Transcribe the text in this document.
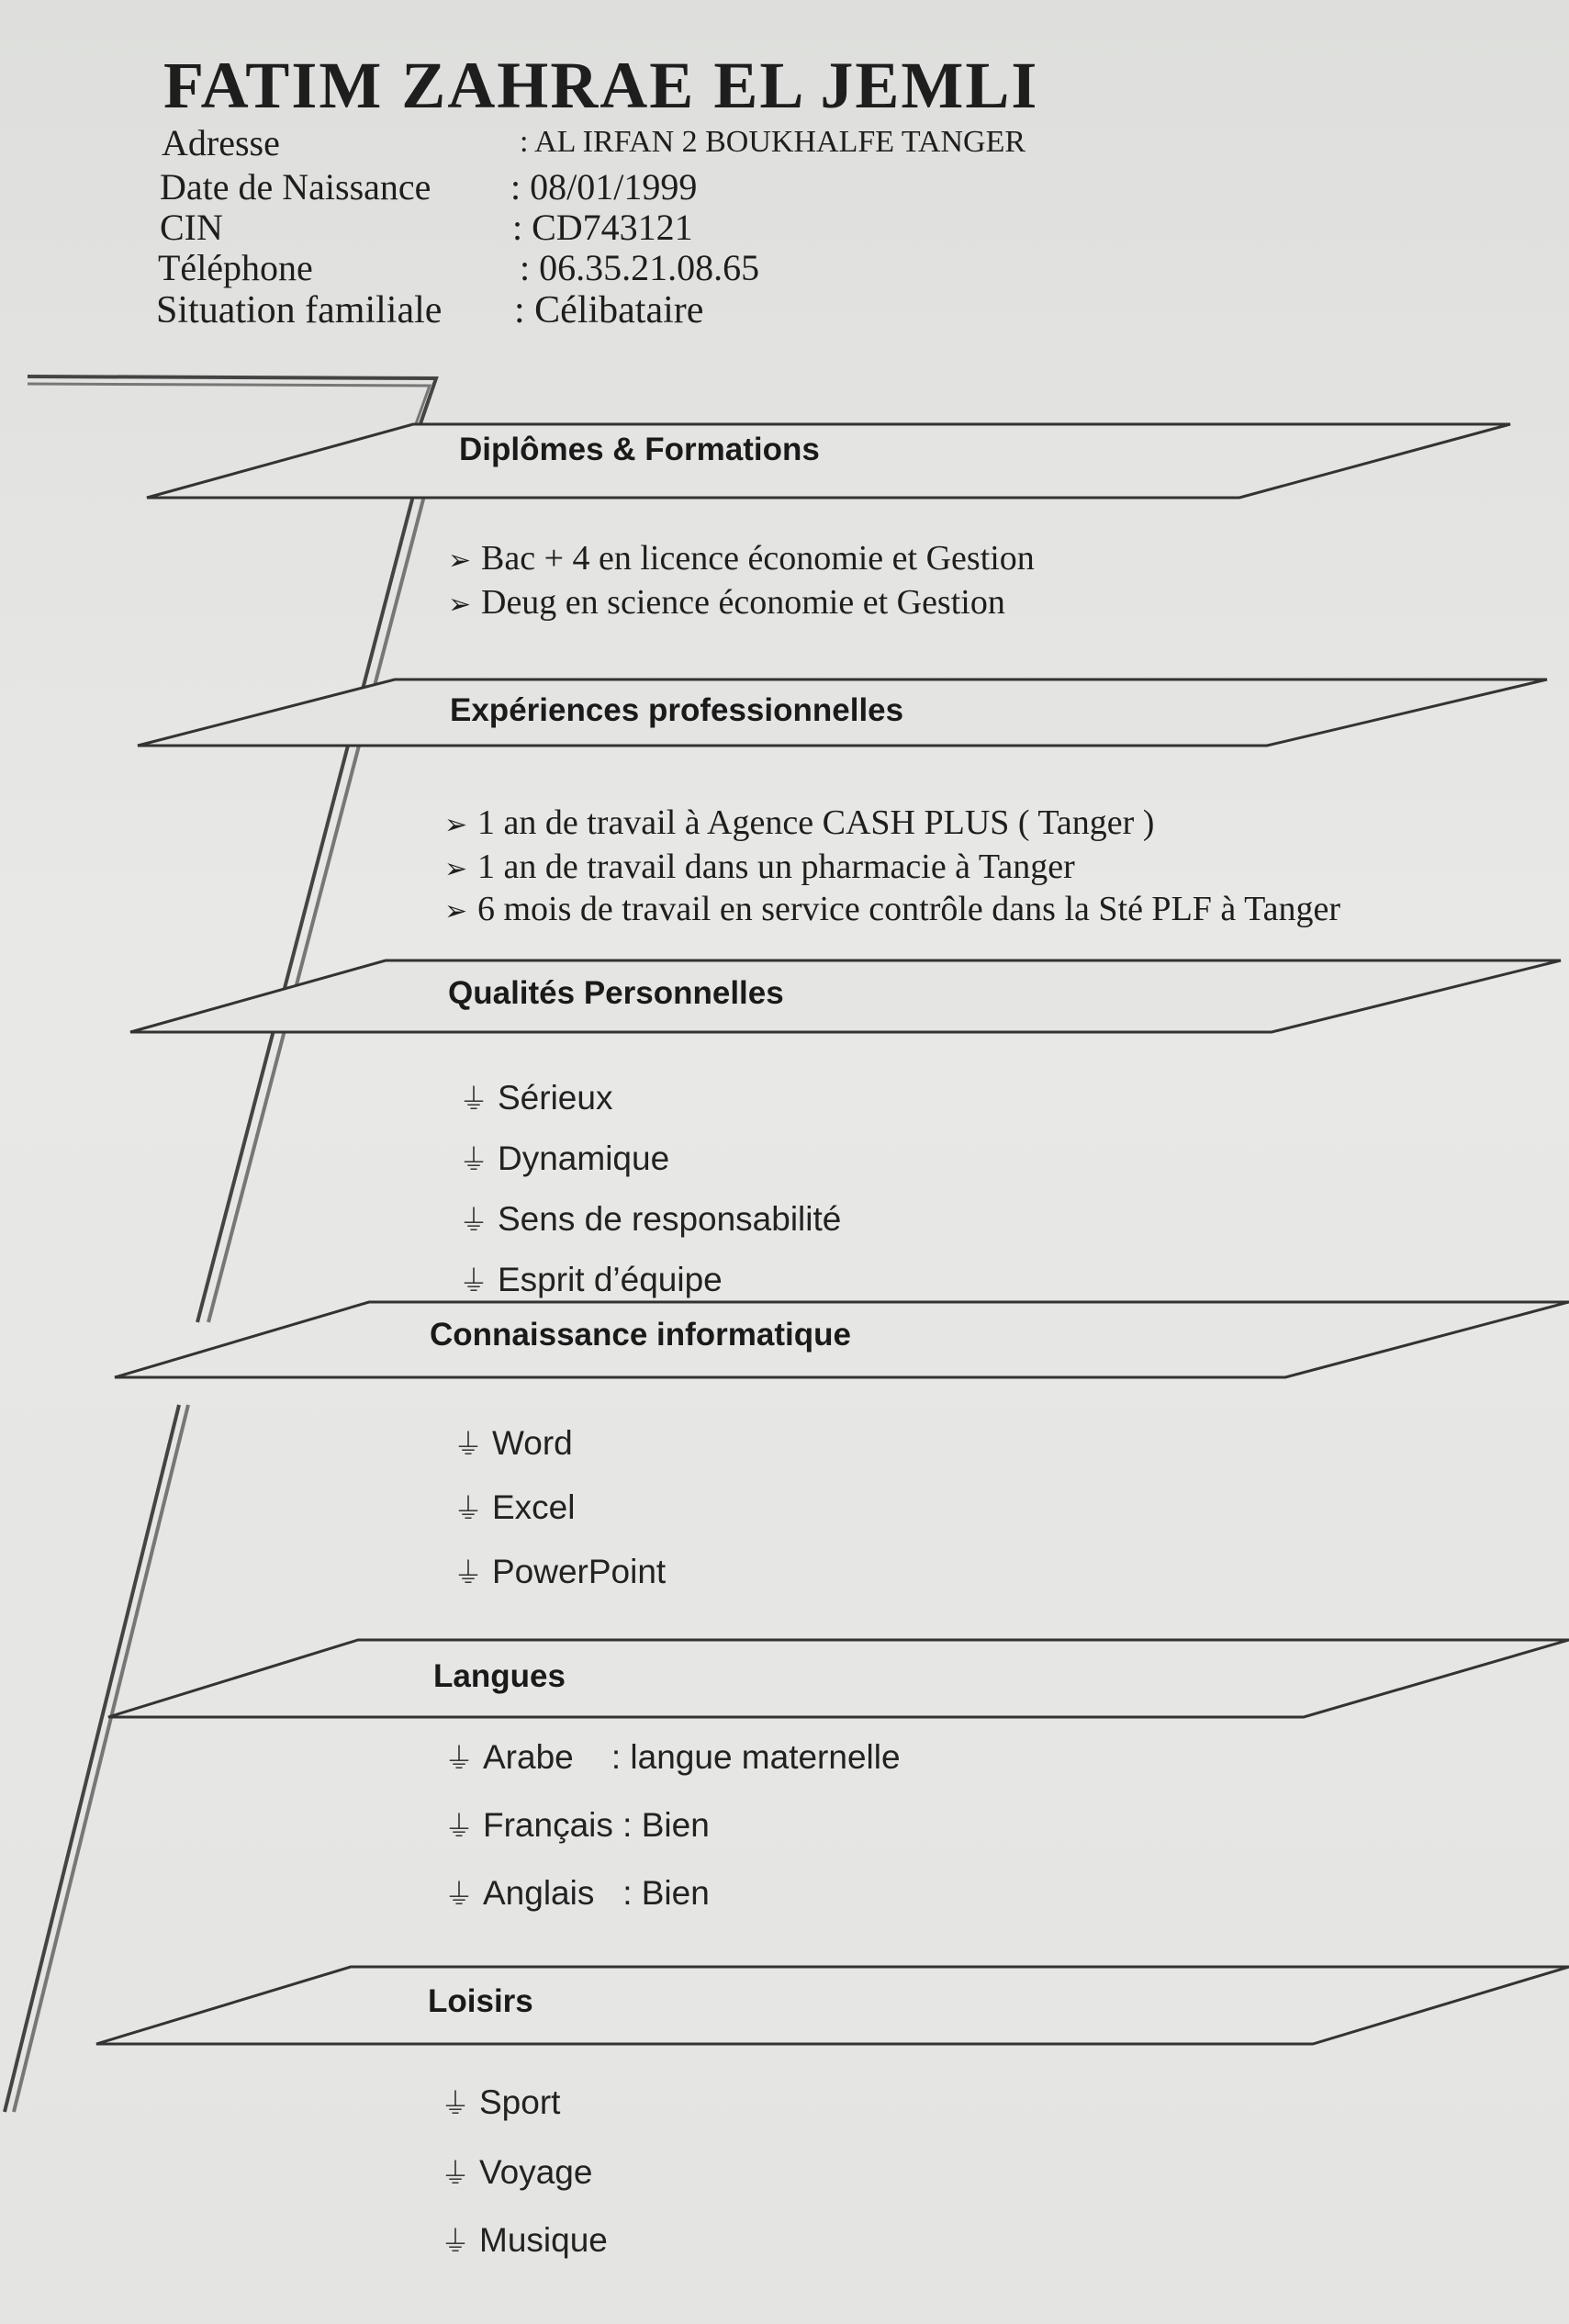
FATIM ZAHRAE EL JEMLI
Adresse	: AL IRFAN 2 BOUKHALFE TANGER
Date de Naissance : 08/01/1999
CIN	: CD743121
Téléphone	: 06.35.21.08.65
Situation familiale : Célibataire
Diplômes & Formations
➢ Bac + 4 en licence économie et Gestion
➢ Deug en science économie et Gestion
Expériences professionnelles
➢ 1 an de travail à Agence CASH PLUS ( Tanger )
➢ 1 an de travail dans un pharmacie à Tanger
➢ 6 mois de travail en service contrôle dans la Sté PLF à Tanger
Qualités Personnelles
⏚ Sérieux
⏚ Dynamique
⏚ Sens de responsabilité
⏚ Esprit d’équipe
Connaissance informatique
⏚ Word
⏚ Excel
⏚ PowerPoint
Langues
⏚ Arabe    : langue maternelle
⏚ Français : Bien
⏚ Anglais   : Bien
Loisirs
⏚ Sport
⏚ Voyage
⏚ Musique
